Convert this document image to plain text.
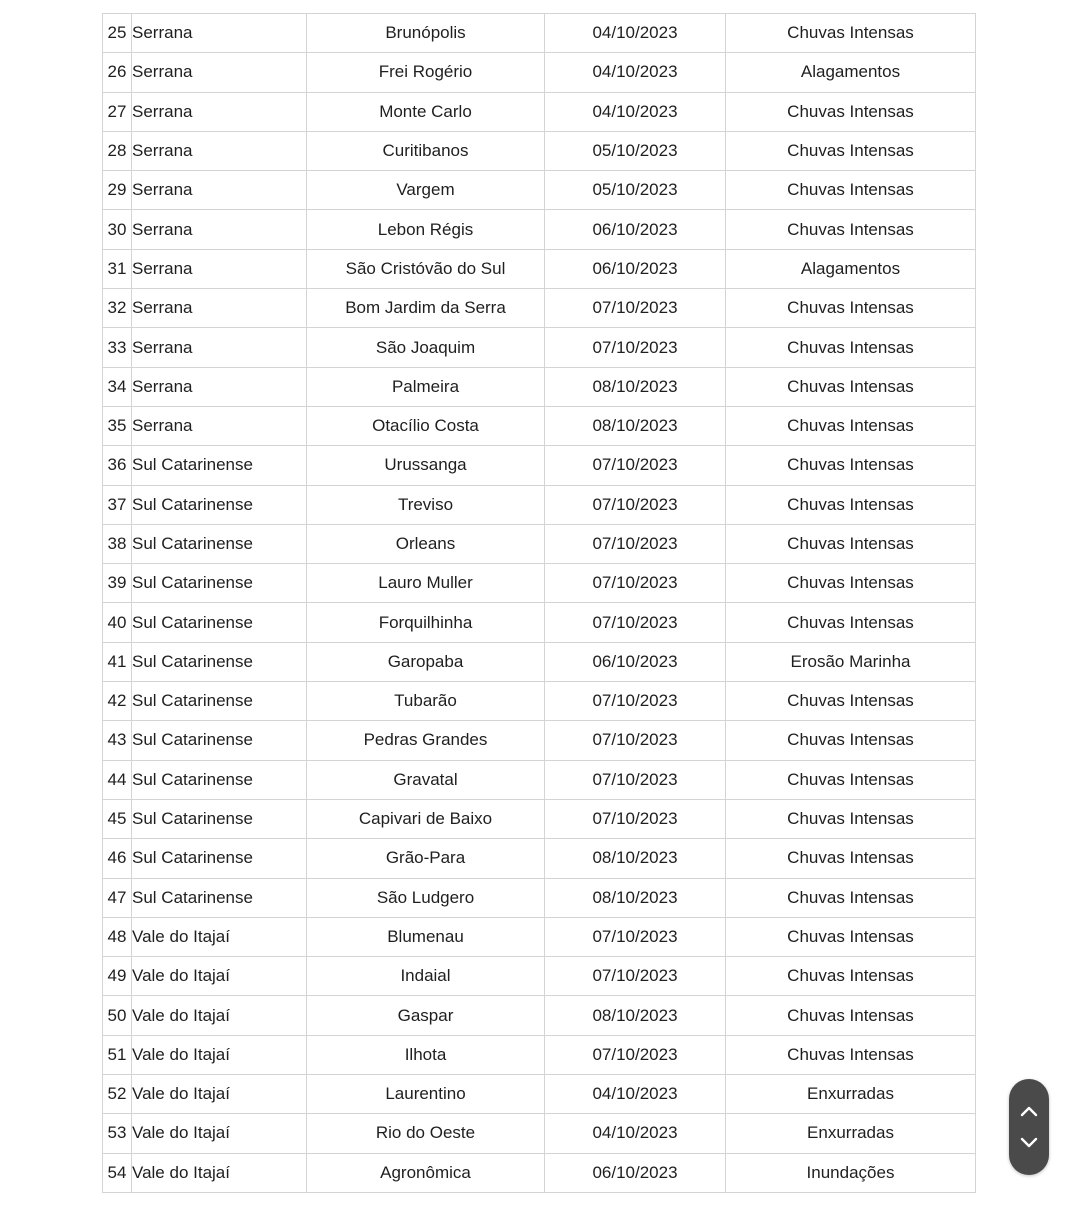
25	Serrana	Brunópolis	04/10/2023	Chuvas Intensas
26	Serrana	Frei Rogério	04/10/2023	Alagamentos
27	Serrana	Monte Carlo	04/10/2023	Chuvas Intensas
28	Serrana	Curitibanos	05/10/2023	Chuvas Intensas
29	Serrana	Vargem	05/10/2023	Chuvas Intensas
30	Serrana	Lebon Régis	06/10/2023	Chuvas Intensas
31	Serrana	São Cristóvão do Sul	06/10/2023	Alagamentos
32	Serrana	Bom Jardim da Serra	07/10/2023	Chuvas Intensas
33	Serrana	São Joaquim	07/10/2023	Chuvas Intensas
34	Serrana	Palmeira	08/10/2023	Chuvas Intensas
35	Serrana	Otacílio Costa	08/10/2023	Chuvas Intensas
36	Sul Catarinense	Urussanga	07/10/2023	Chuvas Intensas
37	Sul Catarinense	Treviso	07/10/2023	Chuvas Intensas
38	Sul Catarinense	Orleans	07/10/2023	Chuvas Intensas
39	Sul Catarinense	Lauro Muller	07/10/2023	Chuvas Intensas
40	Sul Catarinense	Forquilhinha	07/10/2023	Chuvas Intensas
41	Sul Catarinense	Garopaba	06/10/2023	Erosão Marinha
42	Sul Catarinense	Tubarão	07/10/2023	Chuvas Intensas
43	Sul Catarinense	Pedras Grandes	07/10/2023	Chuvas Intensas
44	Sul Catarinense	Gravatal	07/10/2023	Chuvas Intensas
45	Sul Catarinense	Capivari de Baixo	07/10/2023	Chuvas Intensas
46	Sul Catarinense	Grão-Para	08/10/2023	Chuvas Intensas
47	Sul Catarinense	São Ludgero	08/10/2023	Chuvas Intensas
48	Vale do Itajaí	Blumenau	07/10/2023	Chuvas Intensas
49	Vale do Itajaí	Indaial	07/10/2023	Chuvas Intensas
50	Vale do Itajaí	Gaspar	08/10/2023	Chuvas Intensas
51	Vale do Itajaí	Ilhota	07/10/2023	Chuvas Intensas
52	Vale do Itajaí	Laurentino	04/10/2023	Enxurradas
53	Vale do Itajaí	Rio do Oeste	04/10/2023	Enxurradas
54	Vale do Itajaí	Agronômica	06/10/2023	Inundações
